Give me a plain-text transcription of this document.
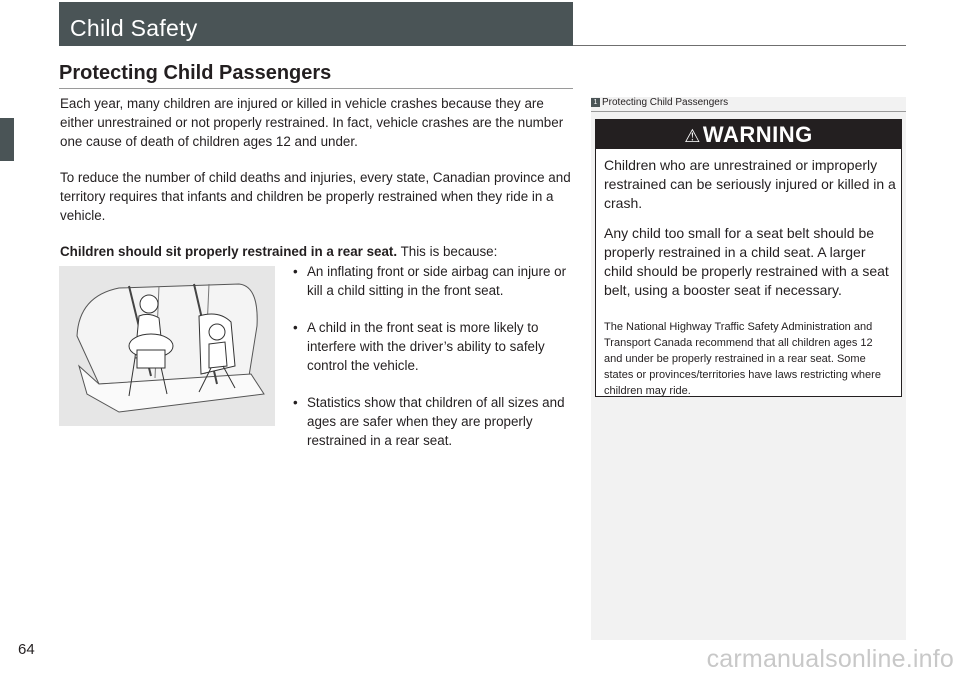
64
Child Safety
Protecting Child Passengers
Each year, many children are injured or killed in vehicle crashes because they are either unrestrained or not properly restrained. In fact, vehicle crashes are the number one cause of death of children ages 12 and under.
To reduce the number of child deaths and injuries, every state, Canadian province and territory requires that infants and children be properly restrained when they ride in a vehicle.
Children should sit properly restrained in a rear seat. This is because:
• An inflating front or side airbag can injure or kill a child sitting in the front seat.
• A child in the front seat is more likely to interfere with the driver’s ability to safely control the vehicle.
• Statistics show that children of all sizes and ages are safer when they are properly restrained in a rear seat.
1 Protecting Child Passengers
⚠WARNING
Children who are unrestrained or improperly restrained can be seriously injured or killed in a crash.
Any child too small for a seat belt should be properly restrained in a child seat. A larger child should be properly restrained with a seat belt, using a booster seat if necessary.
The National Highway Traffic Safety Administration and Transport Canada recommend that all children ages 12 and under be properly restrained in a rear seat. Some states or provinces/territories have laws restricting where children may ride.
carmanualsonline.info
